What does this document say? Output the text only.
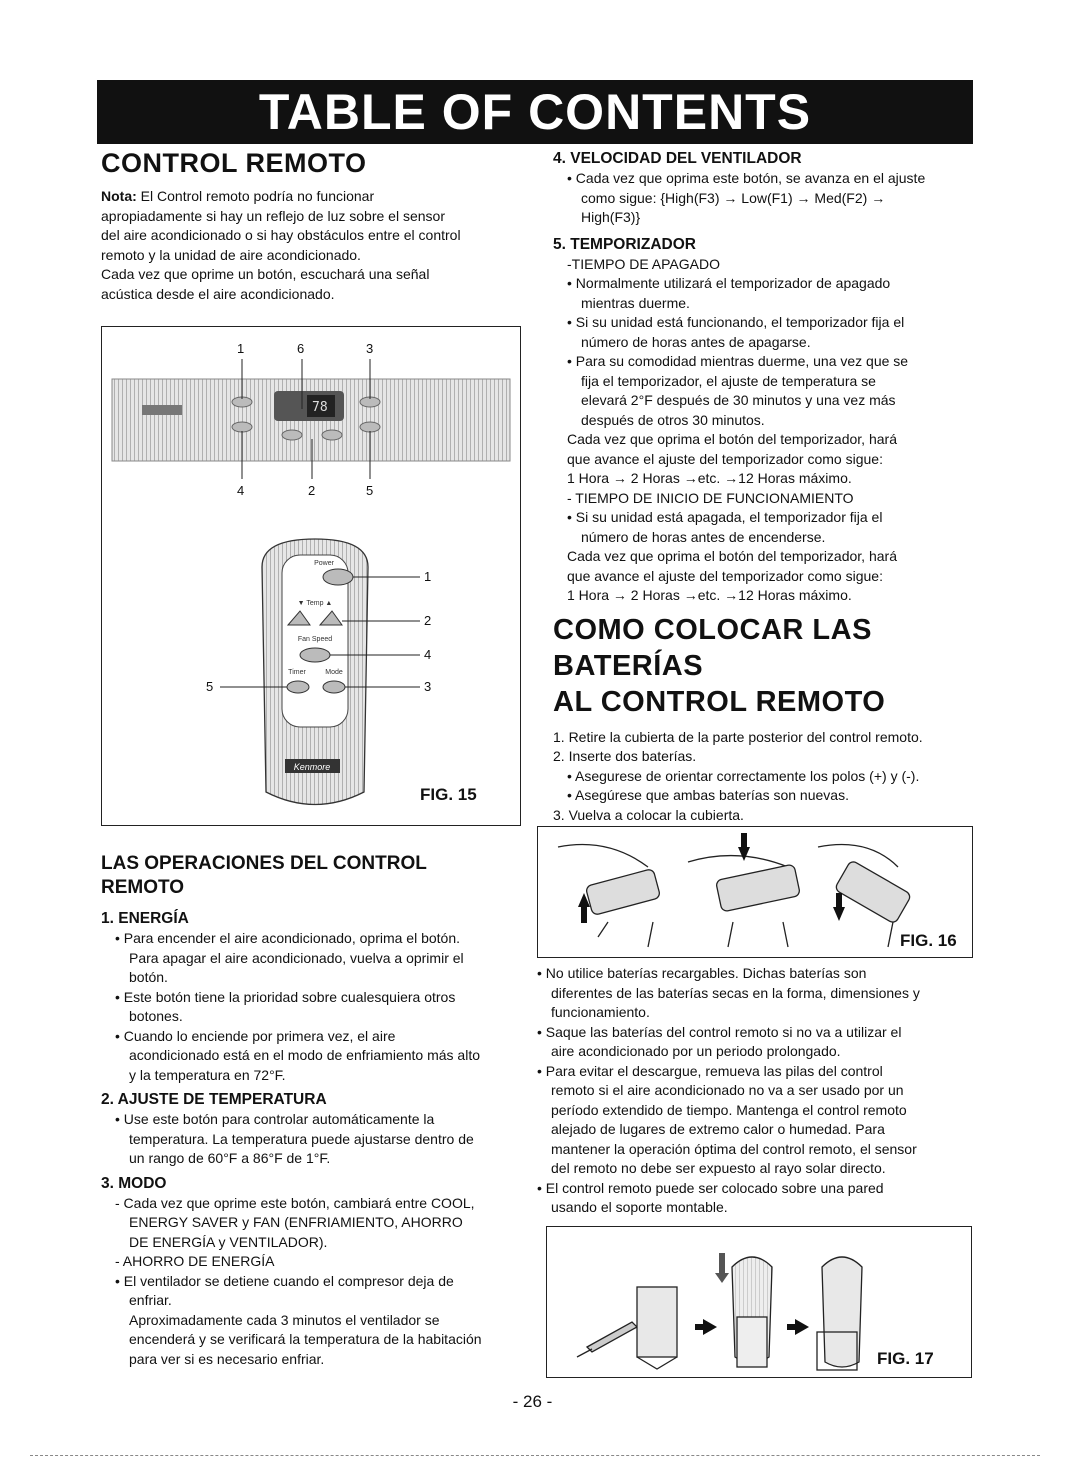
TABLE OF CONTENTS
CONTROL REMOTO

Nota: El Control remoto podría no funcionar

apropiadamente si hay un reflejo de luz sobre el sensor

del aire acondicionado o si hay obstáculos entre el control

remoto y la unidad de aire acondicionado.

Cada vez que oprime un botón, escuchará una señal

acústica desde el aire acondicionado.

78
Power
▼ Temp ▲
Fan Speed
Timer	Mode
Kenmore
1	6	3
4	2	5
1
2
4
3
5
FIG. 15
LAS OPERACIONES DEL CONTROL
REMOTO
1. ENERGÍA

• Para encender el aire acondicionado, oprima el botón.

Para apagar el aire acondicionado, vuelva a oprimir el

botón.

• Este botón tiene la prioridad sobre cualesquiera otros

botones.

• Cuando lo enciende por primera vez, el aire

acondicionado está en el modo de enfriamiento más alto

y la temperatura en 72°F.

2. AJUSTE DE TEMPERATURA

• Use este botón para controlar automáticamente la

temperatura. La temperatura puede ajustarse dentro de

un rango de 60°F a 86°F de 1°F.

3. MODO

- Cada vez que oprime este botón, cambiará entre COOL,

ENERGY SAVER y FAN (ENFRIAMIENTO, AHORRO

DE ENERGÍA y VENTILADOR).

- AHORRO DE ENERGÍA

• El ventilador se detiene cuando el compresor deja de

enfriar.

Aproximadamente cada 3 minutos el ventilador se

encenderá y se verificará la temperatura de la habitación

para ver si es necesario enfriar.

4. VELOCIDAD DEL VENTILADOR

• Cada vez que oprima este botón, se avanza en el ajuste

como sigue: {High(F3) → Low(F1) → Med(F2) →

High(F3)}

5. TEMPORIZADOR

-TIEMPO DE APAGADO

• Normalmente utilizará el temporizador de apagado

mientras duerme.

• Si su unidad está funcionando, el temporizador fija el

número de horas antes de apagarse.

• Para su comodidad mientras duerme, una vez que se

fija el temporizador, el ajuste de temperatura se

elevará 2°F después de 30 minutos y una vez más

después de otros 30 minutos.

Cada vez que oprima el botón del temporizador, hará

que avance el ajuste del temporizador como sigue:

1 Hora → 2 Horas →etc. →12 Horas máximo.

- TIEMPO DE INICIO DE FUNCIONAMIENTO

• Si su unidad está apagada, el temporizador fija el

número de horas antes de encenderse.

Cada vez que oprima el botón del temporizador, hará

que avance el ajuste del temporizador como sigue:

1 Hora → 2 Horas →etc. →12 Horas máximo.

COMO COLOCAR LAS BATERÍAS
AL CONTROL REMOTO

1. Retire la cubierta de la parte posterior del control remoto.

2. Inserte dos baterías.

• Asegurese de orientar correctamente los polos (+) y (-).

• Asegúrese que ambas baterías son nuevas.

3. Vuelva a colocar la cubierta.

FIG. 16

• No utilice baterías recargables. Dichas baterías son

diferentes de las baterías secas en la forma, dimensiones y

funcionamiento.

• Saque las baterías del control remoto si no va a utilizar el

aire acondicionado por un periodo prolongado.

• Para evitar el descargue, remueva las pilas del control

remoto si el aire acondicionado no va a ser usado por un

período extendido de tiempo. Mantenga el control remoto

alejado de lugares de extremo calor o humedad. Para

mantener la operación óptima del control remoto, el sensor

del remoto no debe ser expuesto al rayo solar directo.

• El control remoto puede ser colocado sobre una pared

usando el soporte montable.

FIG. 17
- 26 -
